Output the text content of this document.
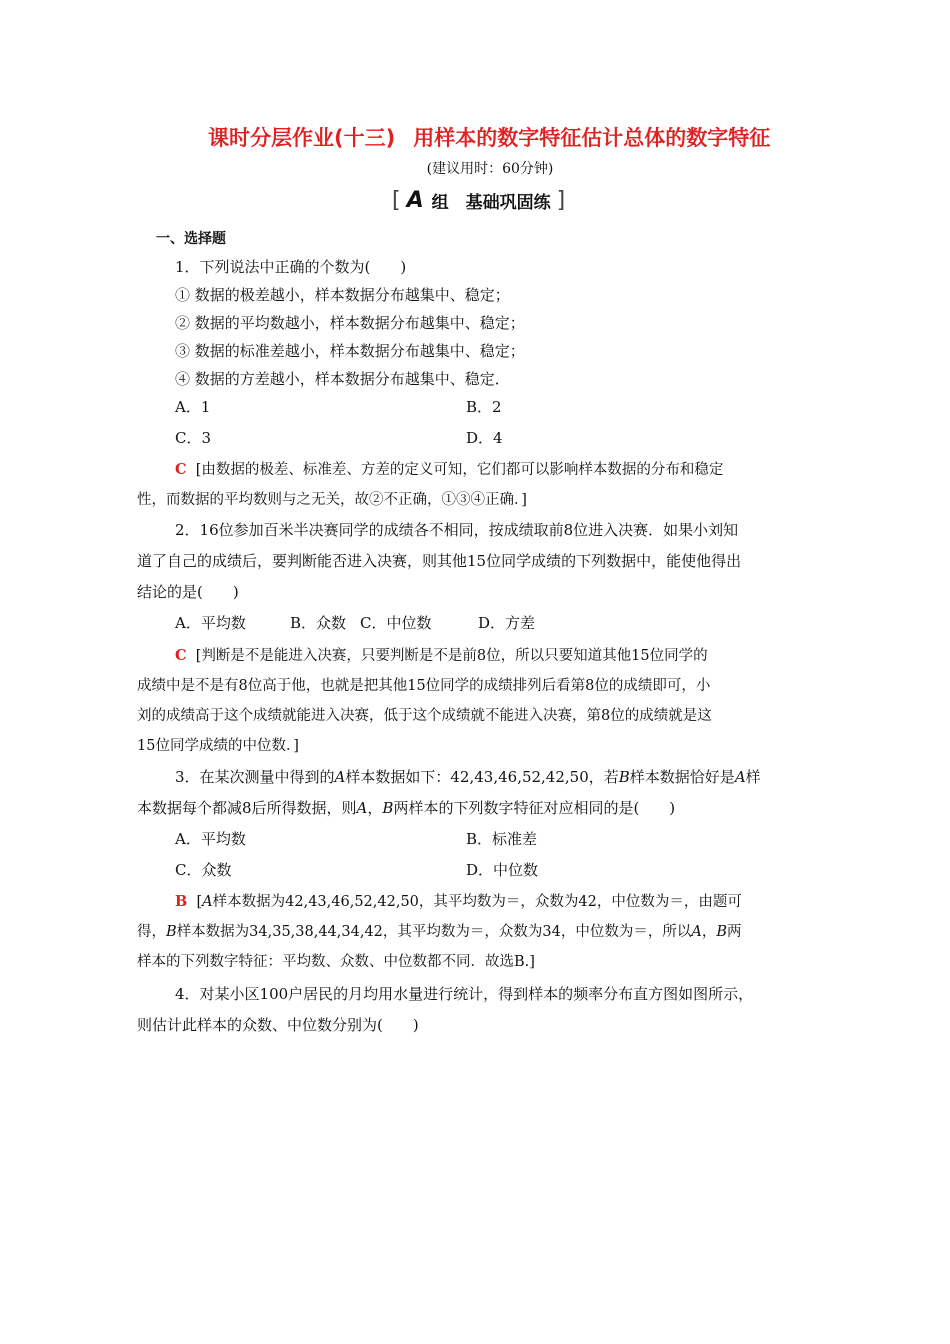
课时分层作业(十三) 用样本的数字特征估计总体的数字特征
(建议用时：60分钟)
[ A 组　基础巩固练 ]
一、选择题
1．下列说法中正确的个数为(　　)
① 数据的极差越小，样本数据分布越集中、稳定；
② 数据的平均数越小，样本数据分布越集中、稳定；
③ 数据的标准差越小，样本数据分布越集中、稳定；
④ 数据的方差越小，样本数据分布越集中、稳定．
A．1	B．2
C．3	D．4
C [由数据的极差、标准差、方差的定义可知，它们都可以影响样本数据的分布和稳定
性，而数据的平均数则与之无关，故②不正确，①③④正确．]
2．16位参加百米半决赛同学的成绩各不相同，按成绩取前8位进入决赛．如果小刘知
道了自己的成绩后，要判断能否进入决赛，则其他15位同学成绩的下列数据中，能使他得出
结论的是(　　)
A．平均数	B．众数 C．中位数	D．方差
C [判断是不是能进入决赛，只要判断是不是前8位，所以只要知道其他15位同学的
成绩中是不是有8位高于他，也就是把其他15位同学的成绩排列后看第8位的成绩即可，小
刘的成绩高于这个成绩就能进入决赛，低于这个成绩就不能进入决赛，第8位的成绩就是这
15位同学成绩的中位数．]
3．在某次测量中得到的A样本数据如下：42,43,46,52,42,50，若B样本数据恰好是A样
本数据每个都减8后所得数据，则A，B两样本的下列数字特征对应相同的是(　　)
A．平均数	B．标准差
C．众数	D．中位数
B [A样本数据为42,43,46,52,42,50，其平均数为＝，众数为42，中位数为＝，由题可
得，B样本数据为34,35,38,44,34,42，其平均数为＝，众数为34，中位数为＝，所以A，B两
样本的下列数字特征：平均数、众数、中位数都不同．故选B.]
4．对某小区100户居民的月均用水量进行统计，得到样本的频率分布直方图如图所示，
则估计此样本的众数、中位数分别为(　　)
